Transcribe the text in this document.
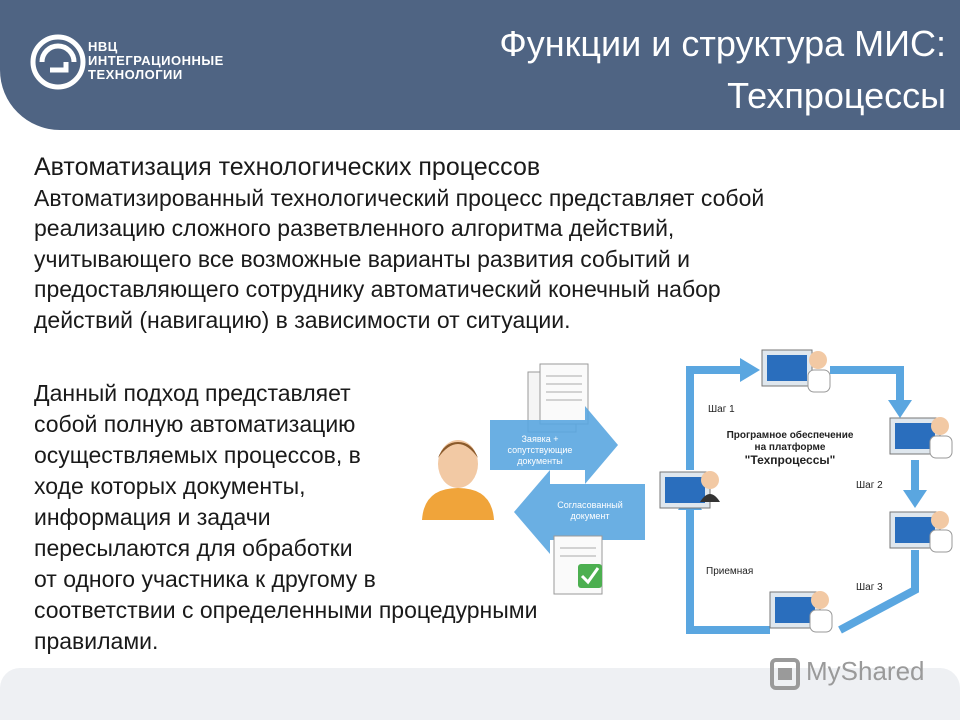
НВЦ
ИНТЕГРАЦИОННЫЕ
ТЕХНОЛОГИИ
Функции и структура МИС:
Техпроцессы
Автоматизация технологических процессов
Автоматизированный технологический процесс представляет собой
реализацию сложного разветвленного алгоритма действий,
учитывающего все возможные варианты развития событий и
предоставляющего сотруднику автоматический конечный набор
действий (навигацию) в зависимости от ситуации.
Данный подход представляет
собой полную автоматизацию
осуществляемых процессов, в
ходе которых документы,
информация и задачи
пересылаются для обработки
от одного участника к другому в
соответствии с определенными процедурными
правилами.
Заявка +
сопутствующие
документы
Согласованный
документ
Програмное обеспечение
на платформе
"Техпроцессы"
Шаг 1
Шаг 2
Шаг 3
Приемная
MyShared
